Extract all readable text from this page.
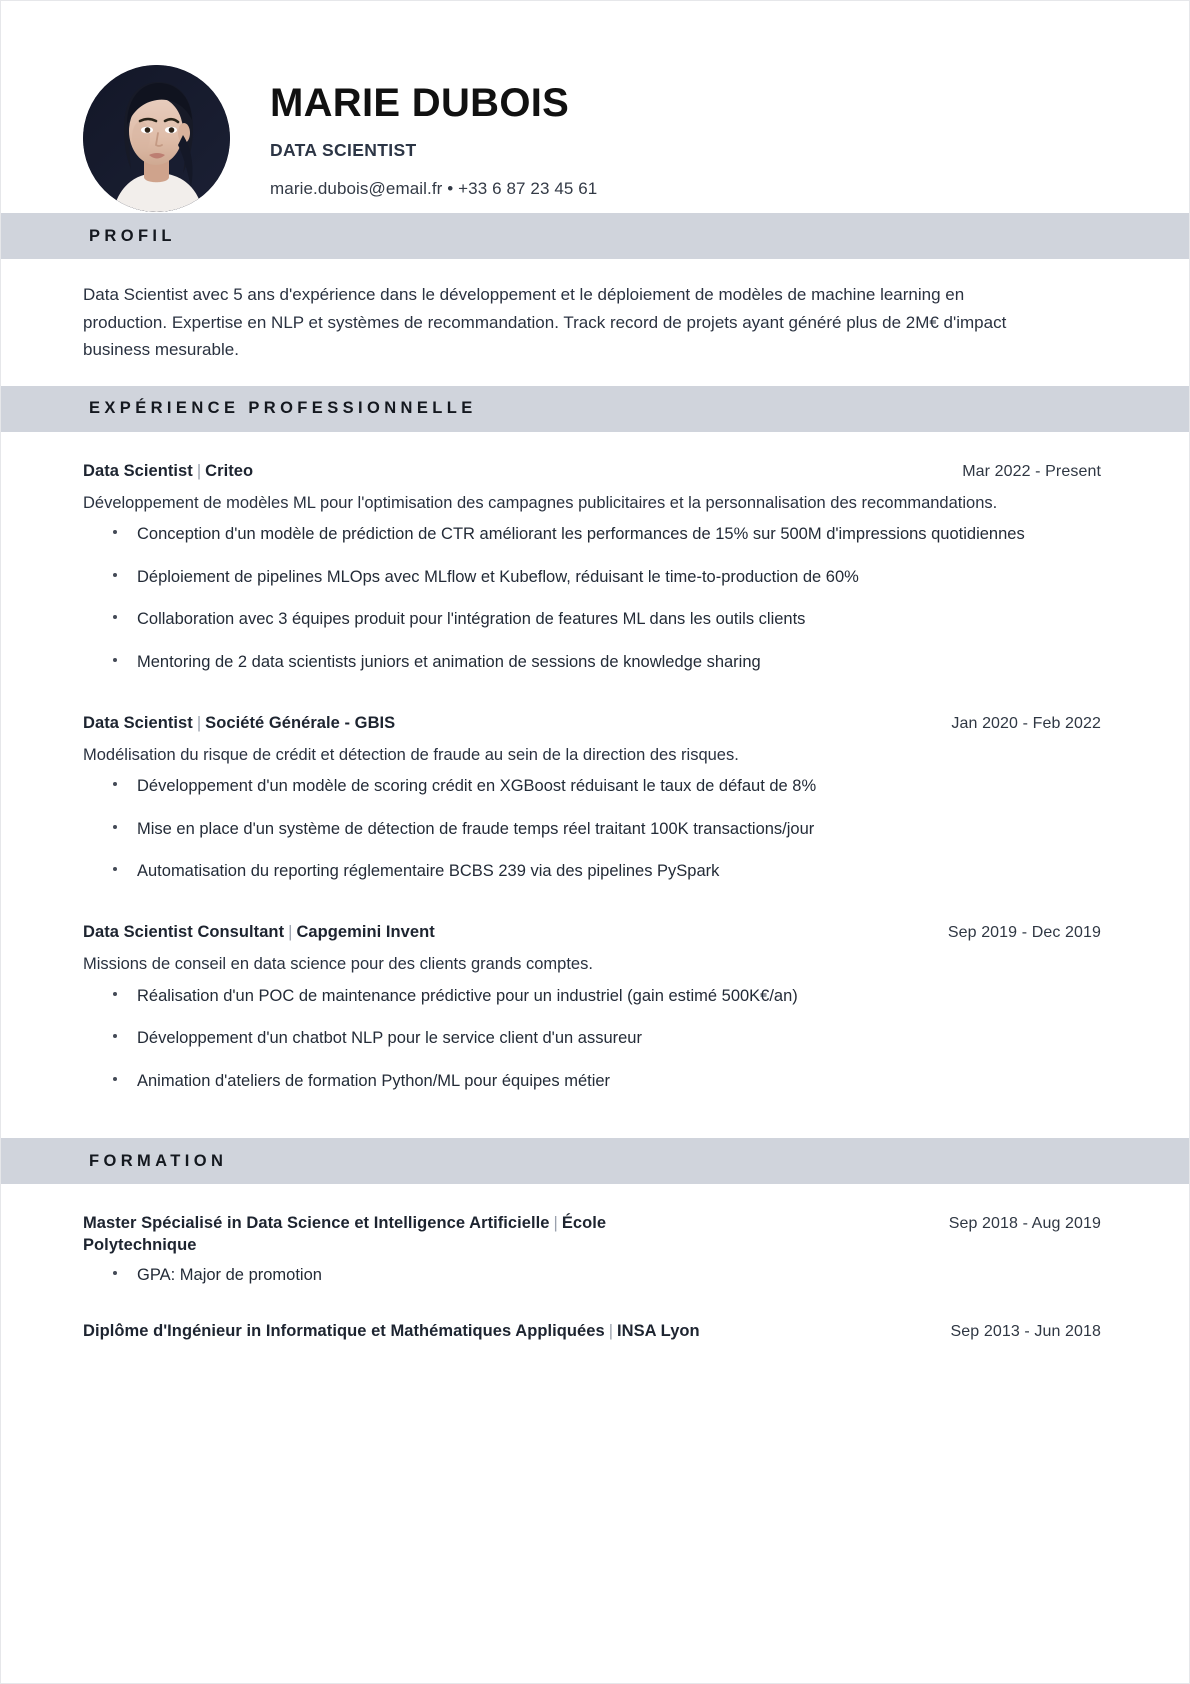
MARIE DUBOIS
DATA SCIENTIST
marie.dubois@email.fr • +33 6 87 23 45 61
PROFIL

Data Scientist avec 5 ans d'expérience dans le développement et le déploiement de modèles de machine learning en production. Expertise en NLP et systèmes de recommandation. Track record de projets ayant généré plus de 2M€ d'impact business mesurable.

EXPÉRIENCE PROFESSIONNELLE
Data Scientist | Criteo	Mar 2022 - Present

Développement de modèles ML pour l'optimisation des campagnes publicitaires et la personnalisation des recommandations.

Conception d'un modèle de prédiction de CTR améliorant les performances de 15% sur 500M d'impressions quotidiennes
Déploiement de pipelines MLOps avec MLflow et Kubeflow, réduisant le time-to-production de 60%
Collaboration avec 3 équipes produit pour l'intégration de features ML dans les outils clients
Mentoring de 2 data scientists juniors et animation de sessions de knowledge sharing
Data Scientist | Société Générale - GBIS	Jan 2020 - Feb 2022

Modélisation du risque de crédit et détection de fraude au sein de la direction des risques.

Développement d'un modèle de scoring crédit en XGBoost réduisant le taux de défaut de 8%
Mise en place d'un système de détection de fraude temps réel traitant 100K transactions/jour
Automatisation du reporting réglementaire BCBS 239 via des pipelines PySpark
Data Scientist Consultant | Capgemini Invent	Sep 2019 - Dec 2019

Missions de conseil en data science pour des clients grands comptes.

Réalisation d'un POC de maintenance prédictive pour un industriel (gain estimé 500K€/an)
Développement d'un chatbot NLP pour le service client d'un assureur
Animation d'ateliers de formation Python/ML pour équipes métier
FORMATION
Master Spécialisé in Data Science et Intelligence Artificielle | École Polytechnique
Sep 2018 - Aug 2019
GPA: Major de promotion
Diplôme d'Ingénieur in Informatique et Mathématiques Appliquées | INSA Lyon	Sep 2013 - Jun 2018
